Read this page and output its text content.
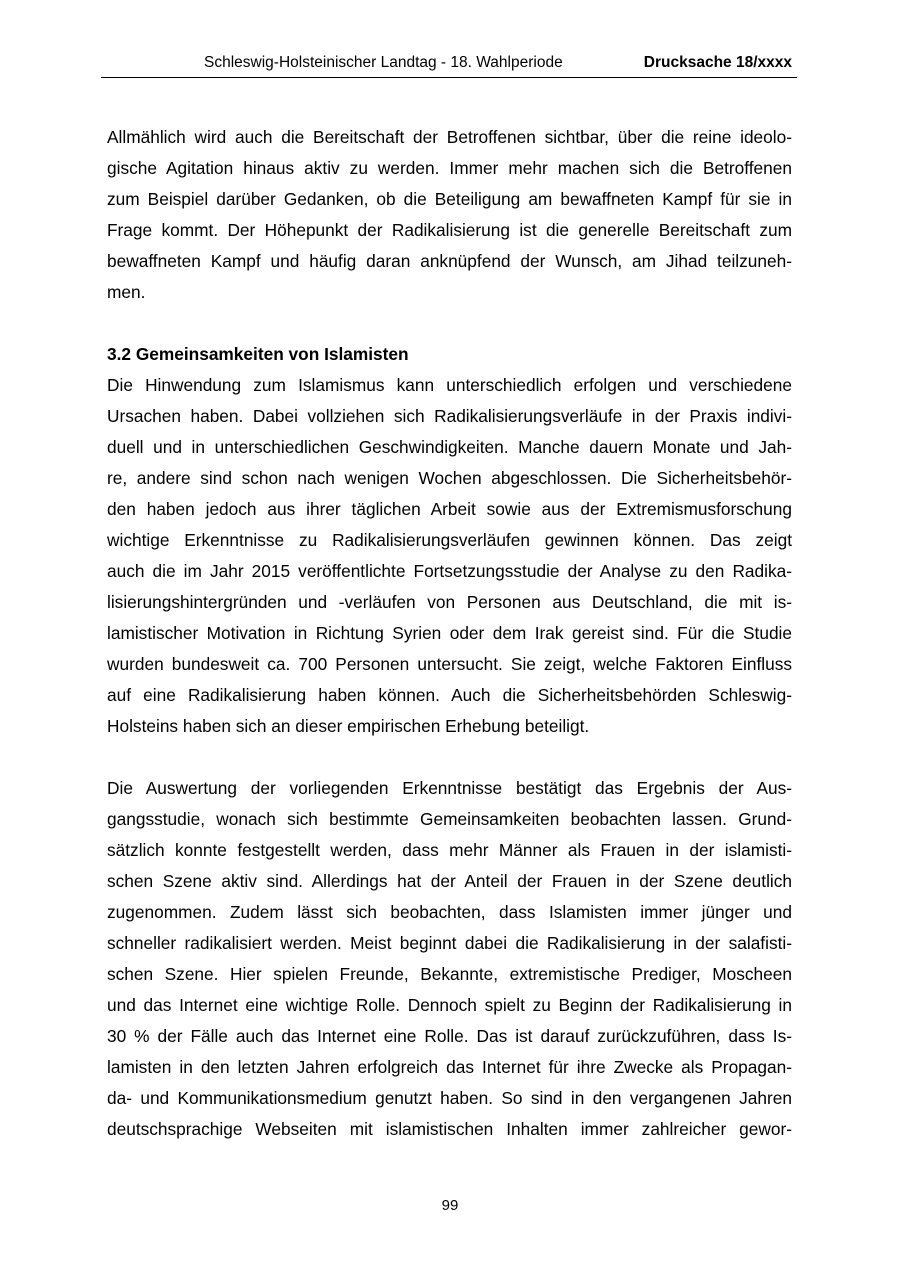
Schleswig-Holsteinischer Landtag - 18. Wahlperiode	Drucksache 18/xxxx
Allmählich wird auch die Bereitschaft der Betroffenen sichtbar, über die reine ideolo-
gische Agitation hinaus aktiv zu werden. Immer mehr machen sich die Betroffenen
zum Beispiel darüber Gedanken, ob die Beteiligung am bewaffneten Kampf für sie in
Frage kommt. Der Höhepunkt der Radikalisierung ist die generelle Bereitschaft zum
bewaffneten Kampf und häufig daran anknüpfend der Wunsch, am Jihad teilzuneh-
men.
3.2 Gemeinsamkeiten von Islamisten
Die Hinwendung zum Islamismus kann unterschiedlich erfolgen und verschiedene
Ursachen haben. Dabei vollziehen sich Radikalisierungsverläufe in der Praxis indivi-
duell und in unterschiedlichen Geschwindigkeiten. Manche dauern Monate und Jah-
re, andere sind schon nach wenigen Wochen abgeschlossen. Die Sicherheitsbehör-
den haben jedoch aus ihrer täglichen Arbeit sowie aus der Extremismusforschung
wichtige Erkenntnisse zu Radikalisierungsverläufen gewinnen können. Das zeigt
auch die im Jahr 2015 veröffentlichte Fortsetzungsstudie der Analyse zu den Radika-
lisierungshintergründen und -verläufen von Personen aus Deutschland, die mit is-
lamistischer Motivation in Richtung Syrien oder dem Irak gereist sind. Für die Studie
wurden bundesweit ca. 700 Personen untersucht. Sie zeigt, welche Faktoren Einfluss
auf eine Radikalisierung haben können. Auch die Sicherheitsbehörden Schleswig-
Holsteins haben sich an dieser empirischen Erhebung beteiligt.
Die Auswertung der vorliegenden Erkenntnisse bestätigt das Ergebnis der Aus-
gangsstudie, wonach sich bestimmte Gemeinsamkeiten beobachten lassen. Grund-
sätzlich konnte festgestellt werden, dass mehr Männer als Frauen in der islamisti-
schen Szene aktiv sind. Allerdings hat der Anteil der Frauen in der Szene deutlich
zugenommen. Zudem lässt sich beobachten, dass Islamisten immer jünger und
schneller radikalisiert werden. Meist beginnt dabei die Radikalisierung in der salafisti-
schen Szene. Hier spielen Freunde, Bekannte, extremistische Prediger, Moscheen
und das Internet eine wichtige Rolle. Dennoch spielt zu Beginn der Radikalisierung in
30 % der Fälle auch das Internet eine Rolle. Das ist darauf zurückzuführen, dass Is-
lamisten in den letzten Jahren erfolgreich das Internet für ihre Zwecke als Propagan-
da- und Kommunikationsmedium genutzt haben. So sind in den vergangenen Jahren
deutschsprachige Webseiten mit islamistischen Inhalten immer zahlreicher gewor-
99
